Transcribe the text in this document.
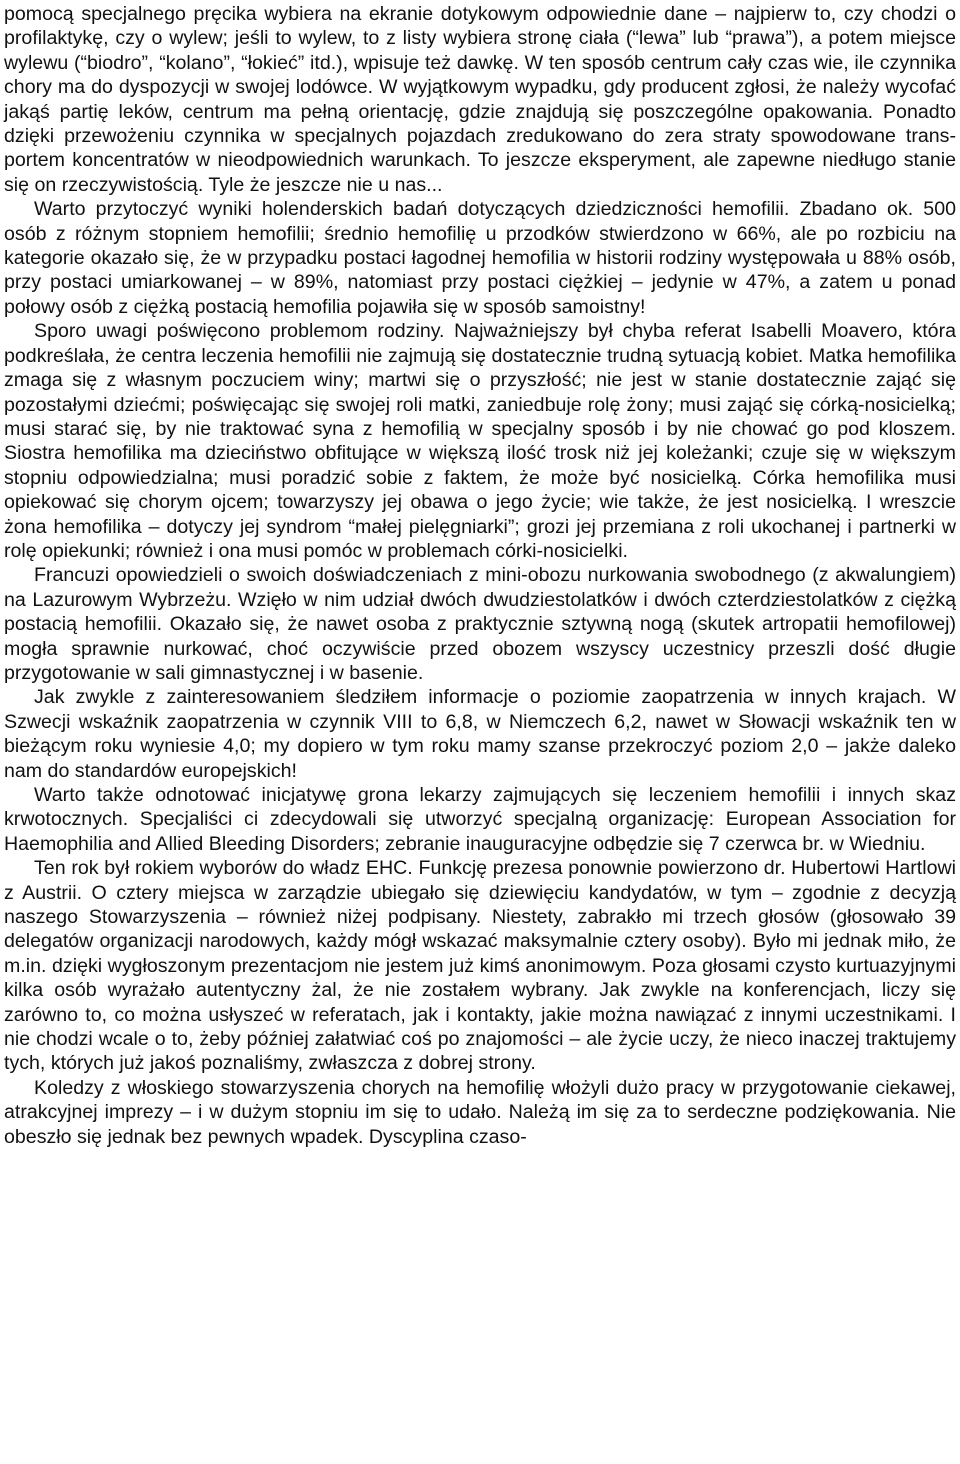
pomocą specjalnego pręcika wybiera na ekranie dotykowym odpowiednie dane – najpierw to, czy chodzi o profilaktykę, czy o wylew; jeśli to wylew, to z listy wybiera stronę ciała (“lewa” lub “prawa”), a potem miejsce wylewu (“biodro”, “kolano”, “łokieć” itd.), wpisuje też dawkę. W ten sposób centrum cały czas wie, ile czynnika chory ma do dyspozycji w swojej lodówce. W wyjątkowym wypadku, gdy producent zgłosi, że należy wycofać jakąś partię leków, centrum ma pełną orientację, gdzie znajdują się poszczególne opakowania. Ponadto dzięki przewożeniu czynnika w specjalnych pojazdach zredukowano do zera straty spowodowane transportem koncentratów w nieodpowiednich warunkach. To jeszcze eksperyment, ale zapewne niedługo stanie się on rzeczywistością. Tyle że jeszcze nie u nas...

Warto przytoczyć wyniki holenderskich badań dotyczących dziedziczności hemofilii. Zbadano ok. 500 osób z różnym stopniem hemofilii; średnio hemofilię u przodków stwierdzono w 66%, ale po rozbiciu na kategorie okazało się, że w przypadku postaci łagodnej hemofilia w historii rodziny występowała u 88% osób, przy postaci umiarkowanej – w 89%, natomiast przy postaci ciężkiej – jedynie w 47%, a zatem u ponad połowy osób z ciężką postacią hemofilia pojawiła się w sposób samoistny!

Sporo uwagi poświęcono problemom rodziny. Najważniejszy był chyba referat Isabelli Moavero, która podkreślała, że centra leczenia hemofilii nie zajmują się dostatecznie trudną sytuacją kobiet. Matka hemofilika zmaga się z własnym poczuciem winy; martwi się o przyszłość; nie jest w stanie dostatecznie zająć się pozostałymi dziećmi; poświęcając się swojej roli matki, zaniedbuje rolę żony; musi zająć się córką-nosicielką; musi starać się, by nie traktować syna z hemofilią w specjalny sposób i by nie chować go pod kloszem. Siostra hemofilika ma dzieciństwo obfitujące w większą ilość trosk niż jej koleżanki; czuje się w większym stopniu odpowiedzialna; musi poradzić sobie z faktem, że może być nosicielką. Córka hemofilika musi opiekować się chorym ojcem; towarzyszy jej obawa o jego życie; wie także, że jest nosicielką. I wreszcie żona hemofilika – dotyczy jej syndrom “małej pielęgniarki”; grozi jej przemiana z roli ukochanej i partnerki w rolę opiekunki; również i ona musi pomóc w problemach córki-nosicielki.

Francuzi opowiedzieli o swoich doświadczeniach z mini-obozu nurkowania swobodnego (z akwalungiem) na Lazurowym Wybrzeżu. Wzięło w nim udział dwóch dwudziestolatków i dwóch czterdziestolatków z ciężką postacią hemofilii. Okazało się, że nawet osoba z praktycznie sztywną nogą (skutek artropatii hemofilowej) mogła sprawnie nurkować, choć oczywiście przed obozem wszyscy uczestnicy przeszli dość długie przygotowanie w sali gimnastycznej i w basenie.

Jak zwykle z zainteresowaniem śledziłem informacje o poziomie zaopatrzenia w innych krajach. W Szwecji wskaźnik zaopatrzenia w czynnik VIII to 6,8, w Niemczech 6,2, nawet w Słowacji wskaźnik ten w bieżącym roku wyniesie 4,0; my dopiero w tym roku mamy szanse przekroczyć poziom 2,0 – jakże daleko nam do standardów europejskich!

Warto także odnotować inicjatywę grona lekarzy zajmujących się leczeniem hemofilii i innych skaz krwotocznych. Specjaliści ci zdecydowali się utworzyć specjalną organizację: European Association for Haemophilia and Allied Bleeding Disorders; zebranie inauguracyjne odbędzie się 7 czerwca br. w Wiedniu.

Ten rok był rokiem wyborów do władz EHC. Funkcję prezesa ponownie powierzono dr. Hubertowi Hartlowi z Austrii. O cztery miejsca w zarządzie ubiegało się dziewięciu kandydatów, w tym – zgodnie z decyzją naszego Stowarzyszenia – również niżej podpisany. Niestety, zabrakło mi trzech głosów (głosowało 39 delegatów organizacji narodowych, każdy mógł wskazać maksymalnie cztery osoby). Było mi jednak miło, że m.in. dzięki wygłoszonym prezentacjom nie jestem już kimś anonimowym. Poza głosami czysto kurtuazyjnymi kilka osób wyrażało autentyczny żal, że nie zostałem wybrany. Jak zwykle na konferencjach, liczy się zarówno to, co można usłyszeć w referatach, jak i kontakty, jakie można nawiązać z innymi uczestnikami. I nie chodzi wcale o to, żeby później załatwiać coś po znajomości – ale życie uczy, że nieco inaczej traktujemy tych, których już jakoś poznaliśmy, zwłaszcza z dobrej strony.

Koledzy z włoskiego stowarzyszenia chorych na hemofilię włożyli dużo pracy w przygotowanie ciekawej, atrakcyjnej imprezy – i w dużym stopniu im się to udało. Należą im się za to serdeczne podziękowania. Nie obeszło się jednak bez pewnych wpadek. Dyscyplina czaso-
